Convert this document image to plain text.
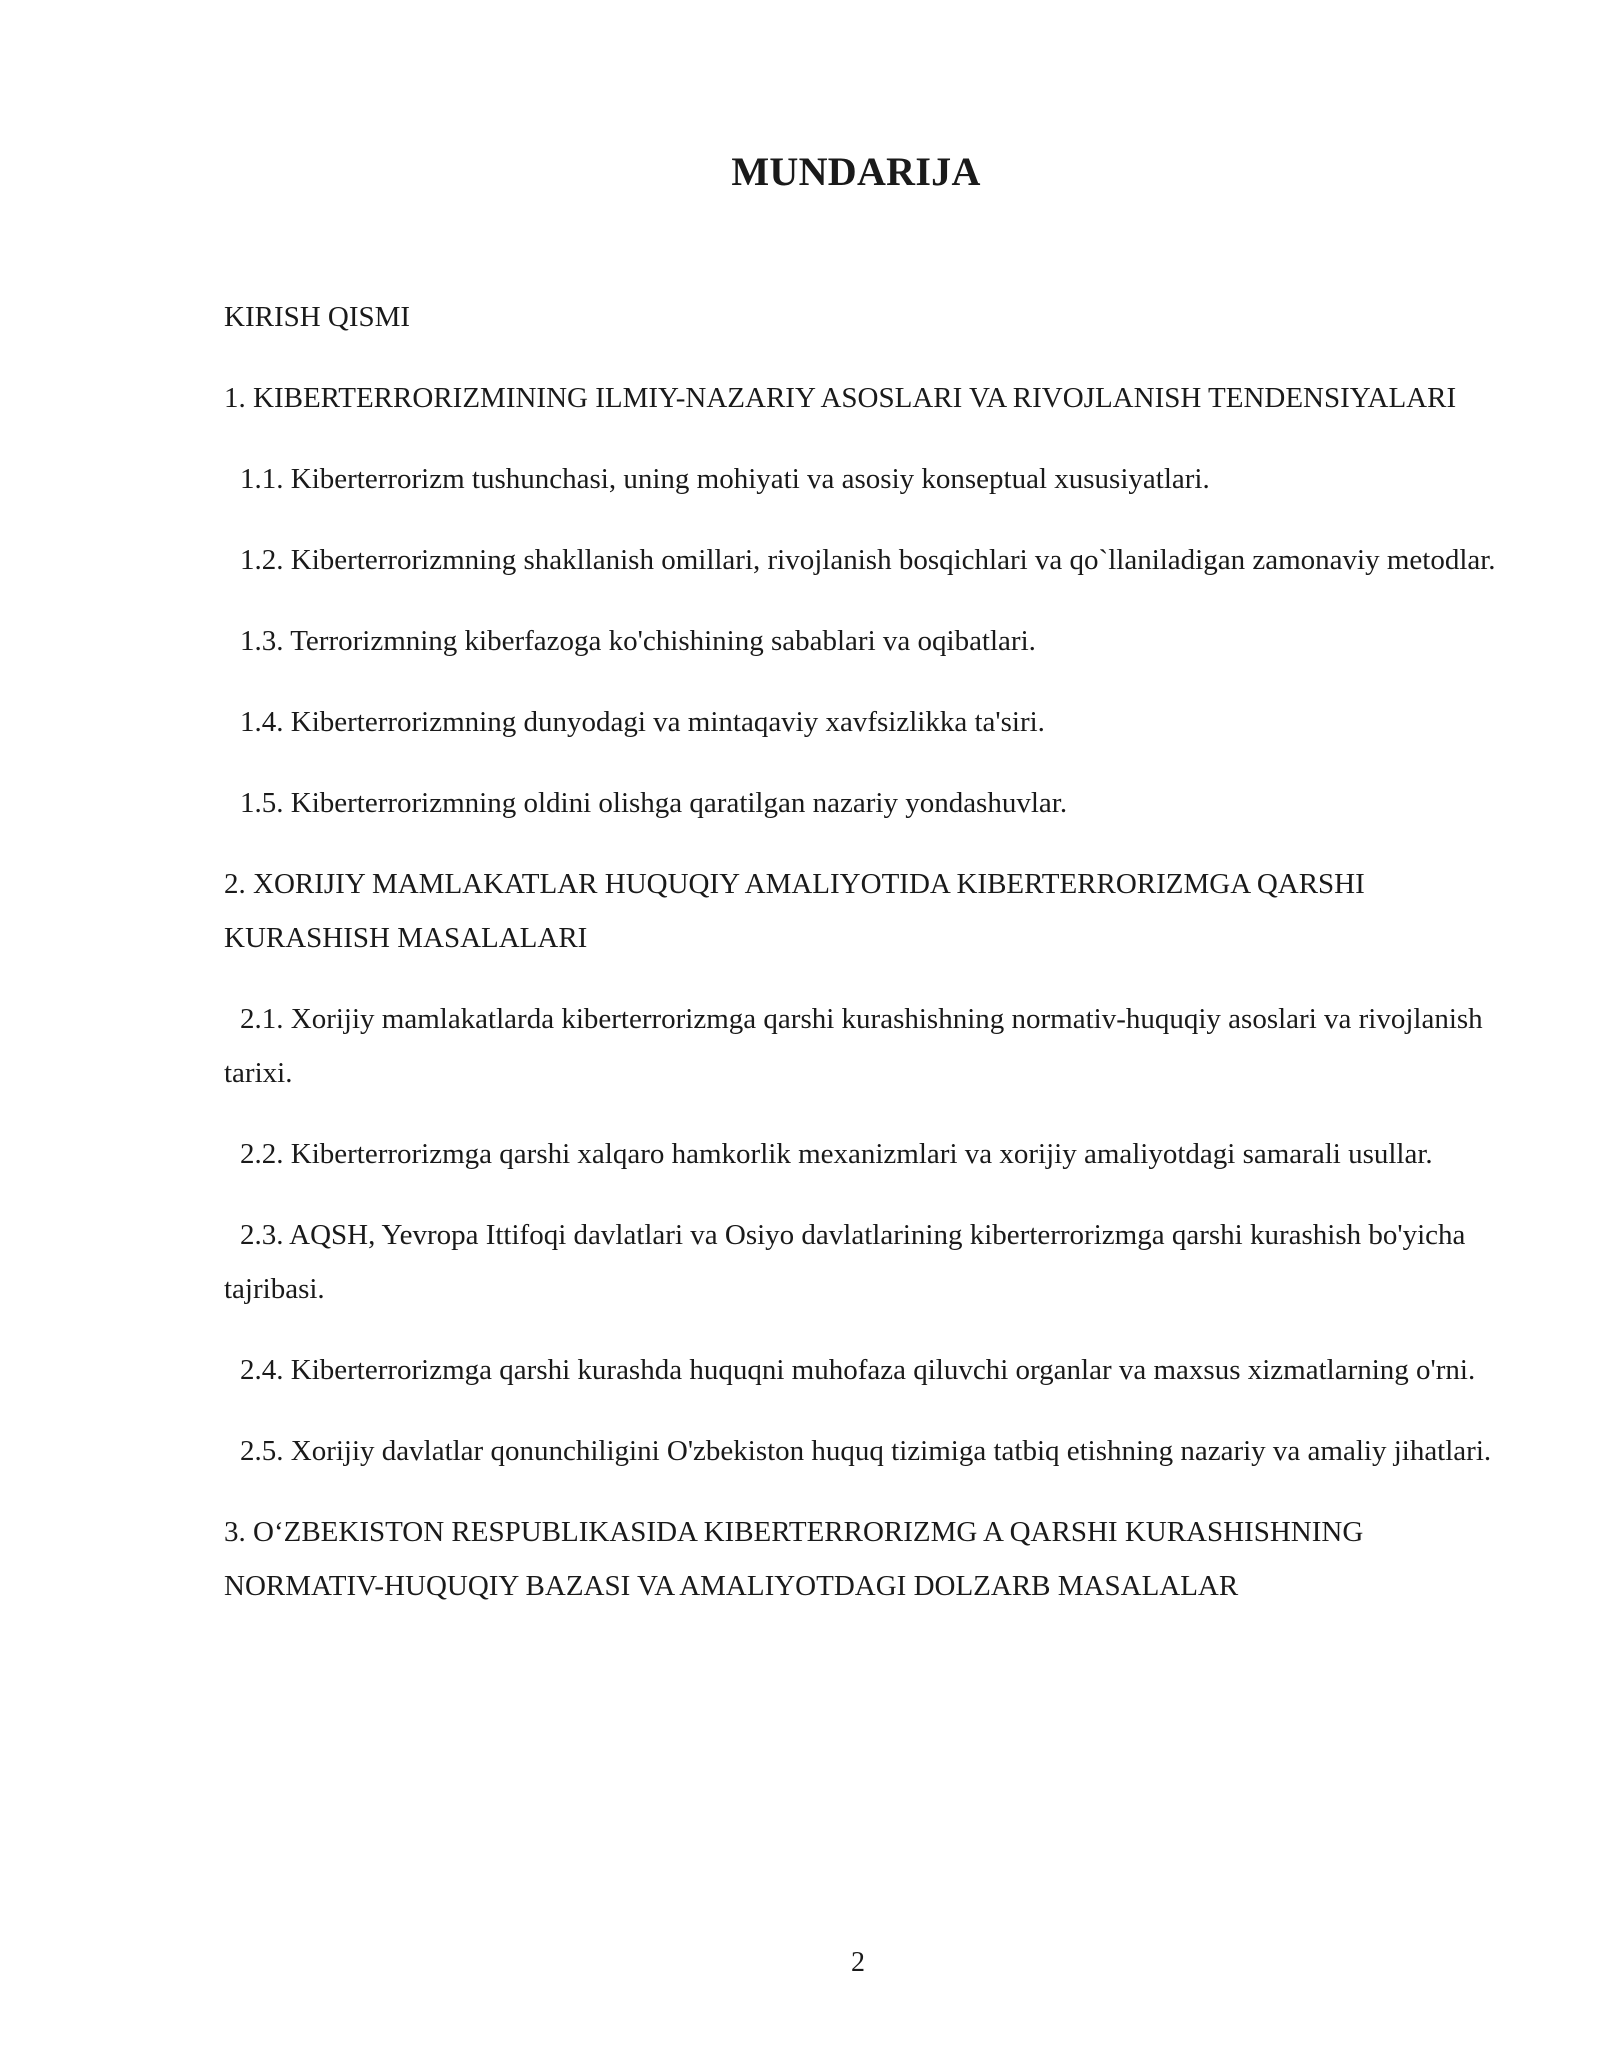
MUNDARIJA
KIRISH QISMI
1. KIBERTERRORIZMINING ILMIY-NAZARIY ASOSLARI VA RIVOJLANISH TENDENSIYALARI
1.1. Kiberterrorizm tushunchasi, uning mohiyati va asosiy konseptual xususiyatlari.
1.2. Kiberterrorizmning shakllanish omillari, rivojlanish bosqichlari va qo`llaniladigan zamonaviy metodlar.
1.3. Terrorizmning kiberfazoga ko'chishining sabablari va oqibatlari.
1.4. Kiberterrorizmning dunyodagi va mintaqaviy xavfsizlikka ta'siri.
1.5. Kiberterrorizmning oldini olishga qaratilgan nazariy yondashuvlar.
2. XORIJIY MAMLAKATLAR HUQUQIY AMALIYOTIDA KIBERTERRORIZMGA QARSHI KURASHISH MASALALARI
2.1. Xorijiy mamlakatlarda kiberterrorizmga qarshi kurashishning normativ-huquqiy asoslari va rivojlanish tarixi.
2.2. Kiberterrorizmga qarshi xalqaro hamkorlik mexanizmlari va xorijiy amaliyotdagi samarali usullar.
2.3. AQSH, Yevropa Ittifoqi davlatlari va Osiyo davlatlarining kiberterrorizmga qarshi kurashish bo'yicha tajribasi.
2.4. Kiberterrorizmga qarshi kurashda huquqni muhofaza qiluvchi organlar va maxsus xizmatlarning o'rni.
2.5. Xorijiy davlatlar qonunchiligini O'zbekiston huquq tizimiga tatbiq etishning nazariy va amaliy jihatlari.
3. O‘ZBEKISTON RESPUBLIKASIDA KIBERTERRORIZMG A QARSHI KURASHISHNING NORMATIV-HUQUQIY BAZASI VA AMALIYOTDAGI DOLZARB MASALALAR
2
